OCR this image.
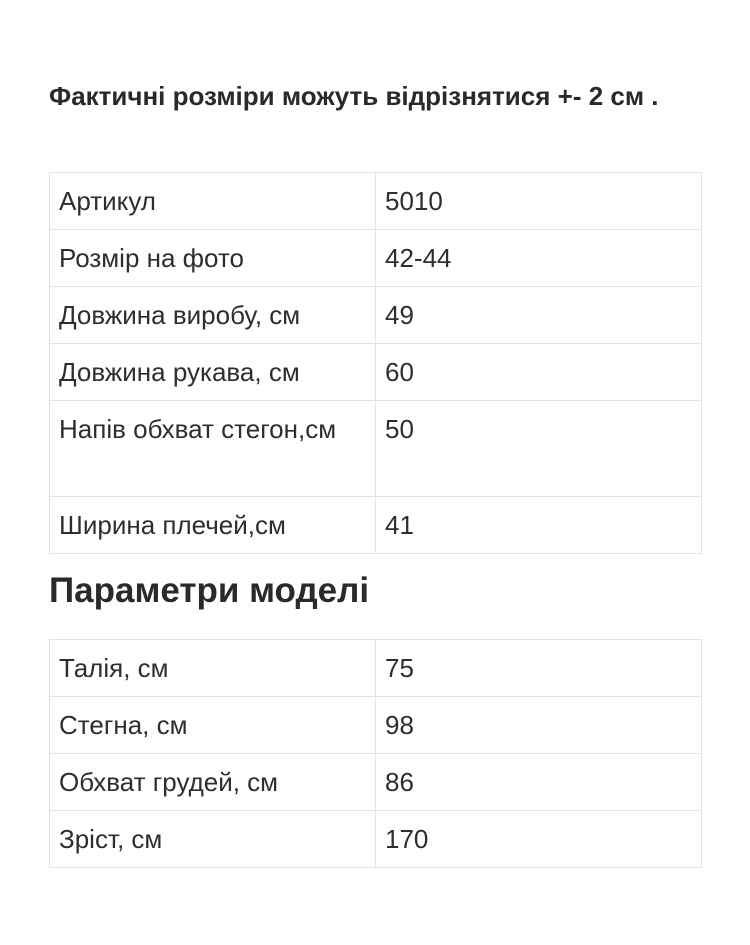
Фактичні розміри можуть відрізнятися +- 2 см .

Артикул	5010
Розмір на фото	42-44
Довжина виробу, см	49
Довжина рукава, см	60
Напів обхват стегон,см	50
Ширина плечей,см	41
Параметри моделі
Талія, см	75
Стегна, см	98
Обхват грудей, см	86
Зріст, см	170
